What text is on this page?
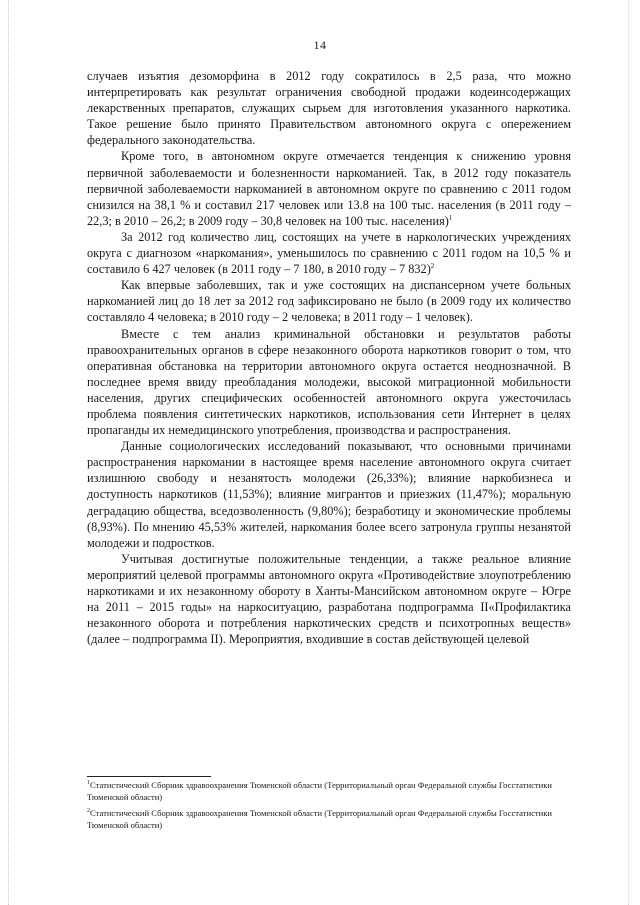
14

случаев изъятия дезоморфина в 2012 году сократилось в 2,5 раза, что можно интерпретировать как результат ограничения свободной продажи кодеинсодержащих лекарственных препаратов, служащих сырьем для изготовления указанного наркотика. Такое решение было принято Правительством автономного округа с опережением федерального законодательства.

Кроме того, в автономном округе отмечается тенденция к снижению уровня первичной заболеваемости и болезненности наркоманией. Так, в 2012 году показатель первичной заболеваемости наркоманией в автономном округе по сравнению с 2011 годом снизился на 38,1 % и составил 217 человек или 13.8 на 100 тыс. населения (в 2011 году – 22,3; в 2010 – 26,2; в 2009 году – 30,8 человек на 100 тыс. населения)$^1$

За 2012 год количество лиц, состоящих на учете в наркологических учреждениях округа с диагнозом «наркомания», уменьшилось по сравнению с 2011 годом на 10,5 % и составило 6 427 человек (в 2011 году – 7 180, в 2010 году – 7 832)$^2$

Как впервые заболевших, так и уже состоящих на диспансерном учете больных наркоманией лиц до 18 лет за 2012 год зафиксировано не было (в 2009 году их количество составляло 4 человека; в 2010 году – 2 человека; в 2011 году – 1 человек).

Вместе с тем анализ криминальной обстановки и результатов работы правоохранительных органов в сфере незаконного оборота наркотиков говорит о том, что оперативная обстановка на территории автономного округа остается неоднозначной. В последнее время ввиду преобладания молодежи, высокой миграционной мобильности населения, других специфических особенностей автономного округа ужесточилась проблема появления синтетических наркотиков, использования сети Интернет в целях пропаганды их немедицинского употребления, производства и распространения.

Данные социологических исследований показывают, что основными причинами распространения наркомании в настоящее время население автономного округа считает излишнюю свободу и незанятость молодежи (26,33%); влияние наркобизнеса и доступность наркотиков (11,53%); влияние мигрантов и приезжих (11,47%); моральную деградацию общества, вседозволенность (9,80%); безработицу и экономические проблемы (8,93%). По мнению 45,53% жителей, наркомания более всего затронула группы незанятой молодежи и подростков.

Учитывая достигнутые положительные тенденции, а также реальное влияние мероприятий целевой программы автономного округа «Противодействие злоупотреблению наркотиками и их незаконному обороту в Ханты-Мансийском автономном округе – Югре на 2011 – 2015 годы» на наркоситуацию, разработана подпрограмма II«Профилактика незаконного оборота и потребления наркотических средств и психотропных веществ» (далее – подпрограмма II). Мероприятия, входившие в состав действующей целевой

$^1$Статистический Сборник здравоохранения Тюменской области (Территориальный орган Федеральной службы Госстатистики Тюменской области)

$^2$Статистический Сборник здравоохранения Тюменской области (Территориальный орган Федеральной службы Госстатистики Тюменской области)
